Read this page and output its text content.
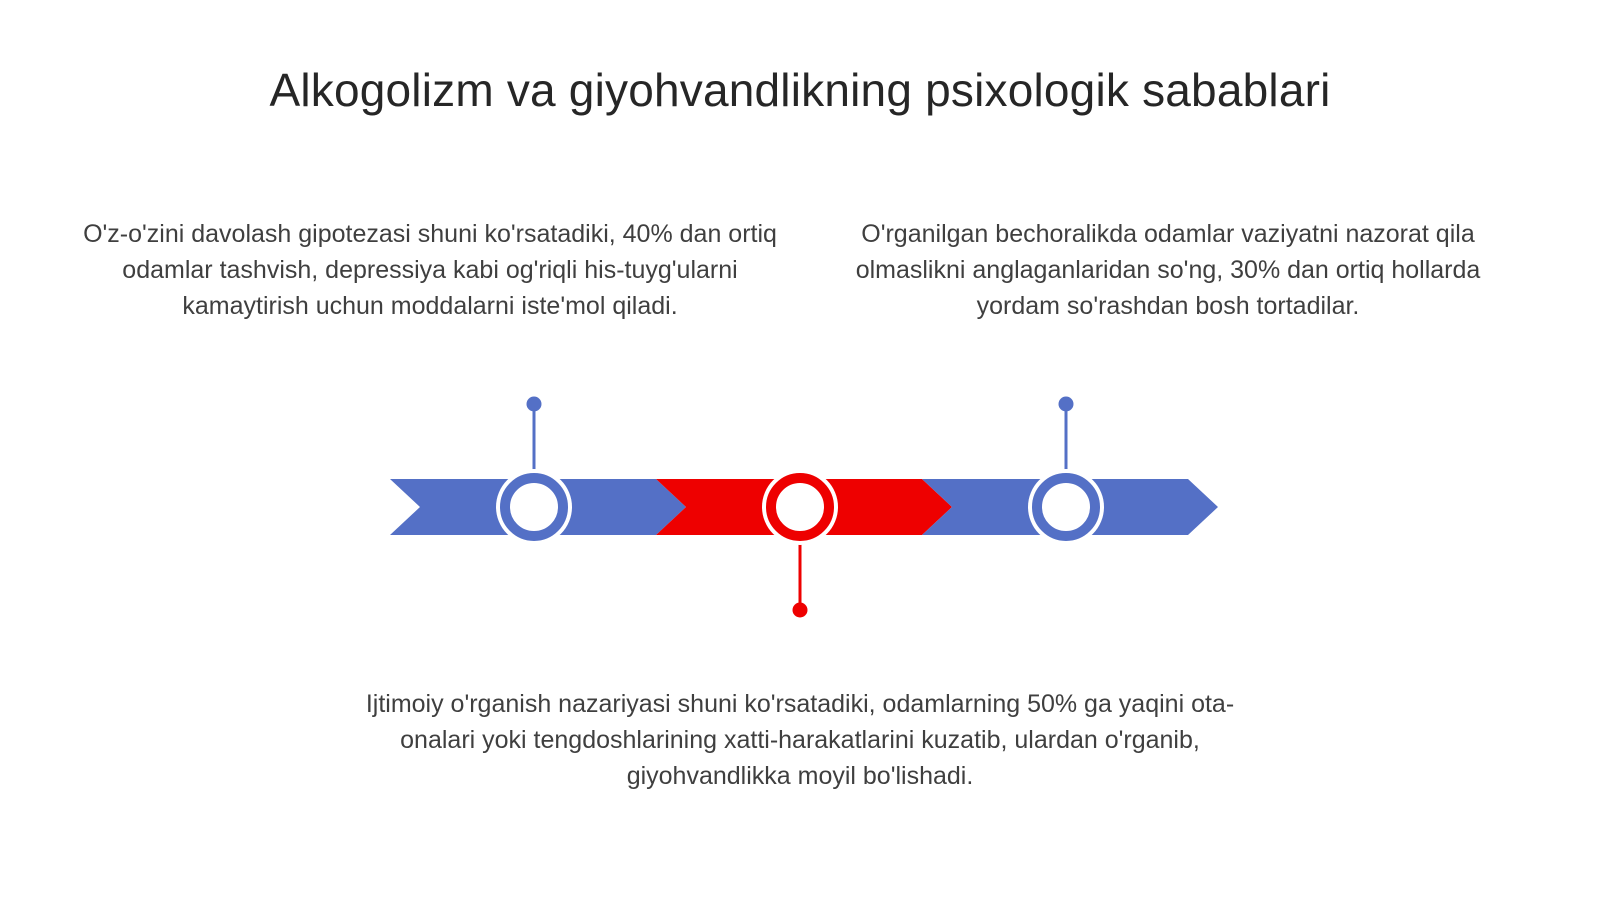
Alkogolizm va giyohvandlikning psixologik sabablari
O'z-o'zini davolash gipotezasi shuni ko'rsatadiki, 40% dan ortiq odamlar tashvish, depressiya kabi og'riqli his-tuyg'ularni kamaytirish uchun moddalarni iste'mol qiladi.
O'rganilgan bechoralikda odamlar vaziyatni nazorat qila olmaslikni anglaganlaridan so'ng, 30% dan ortiq hollarda yordam so'rashdan bosh tortadilar.
Ijtimoiy o'rganish nazariyasi shuni ko'rsatadiki, odamlarning 50% ga yaqini ota-onalari yoki tengdoshlarining xatti-harakatlarini kuzatib, ulardan o'rganib, giyohvandlikka moyil bo'lishadi.
